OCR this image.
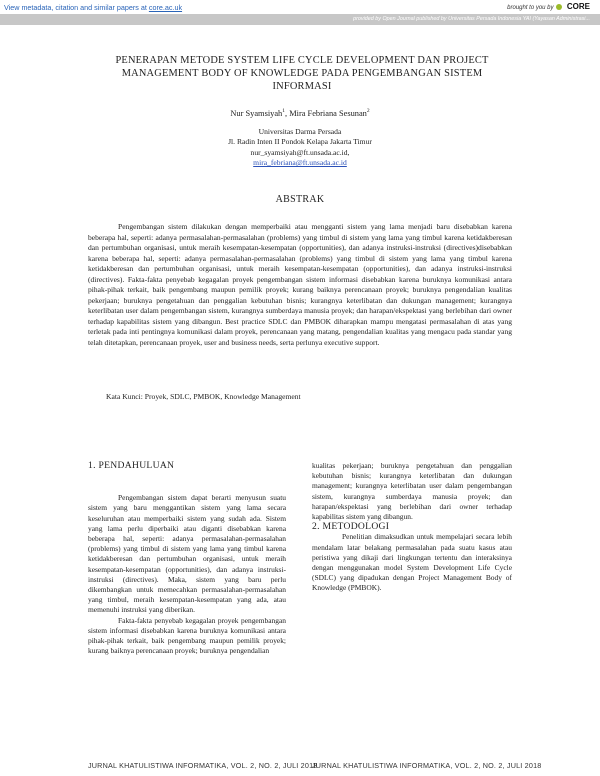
View metadata, citation and similar papers at core.ac.uk	brought to you by CORE
provided by Open Journal published by Universitas Persada Indonesia YAI (Yayasan Administrasi...
PENERAPAN METODE SYSTEM LIFE CYCLE DEVELOPMENT DAN PROJECT MANAGEMENT BODY OF KNOWLEDGE PADA PENGEMBANGAN SISTEM INFORMASI
Nur Syamsiyah$^1$, Mira Febriana Sesunan$^2$
Universitas Darma Persada
Jl. Radin Inten II Pondok Kelapa Jakarta Timur
nur_syamsiyah@ft.unsada.ac.id,
mira_febriana@ft.unsada.ac.id
ABSTRAK

Pengembangan sistem dilakukan dengan memperbaiki atau mengganti sistem yang lama menjadi baru disebabkan karena beberapa hal, seperti: adanya permasalahan-permasalahan (problems) yang timbul di sistem yang lama yang timbul karena ketidakberesan dan pertumbuhan organisasi, untuk meraih kesempatan-kesempatan (opportunities), dan adanya instruksi-instruksi (directives)disebabkan karena beberapa hal, seperti: adanya permasalahan-permasalahan (problems) yang timbul di sistem yang lama yang timbul karena ketidakberesan dan pertumbuhan organisasi, untuk meraih kesempatan-kesempatan (opportunities), dan adanya instruksi-instruksi (directives). Fakta-fakta penyebab kegagalan proyek pengembangan sistem informasi disebabkan karena buruknya komunikasi antara pihak-pihak terkait, baik pengembang maupun pemilik proyek; kurang baiknya perencanaan proyek; buruknya pengendalian kualitas pekerjaan; buruknya pengetahuan dan penggalian kebutuhan bisnis; kurangnya keterlibatan dan dukungan management; kurangnya keterlibatan user dalam pengembangan sistem, kurangnya sumberdaya manusia proyek; dan harapan/ekspektasi yang berlebihan dari owner terhadap kapabilitas sistem yang dibangun. Best practice SDLC dan PMBOK diharapkan mampu mengatasi permasalahan di atas yang terletak pada inti pentingnya komunikasi dalam proyek, perencanaan yang matang, pengendalian kualitas yang mengacu pada standar yang telah ditetapkan, perencanaan proyek, user and business needs, serta perlunya executive support.

Kata Kunci: Proyek, SDLC, PMBOK, Knowledge Management

1. PENDAHULUAN

Pengembangan sistem dapat berarti menyusun suatu sistem yang baru menggantikan sistem yang lama secara keseluruhan atau memperbaiki sistem yang sudah ada. Sistem yang lama perlu diperbaiki atau diganti disebabkan karena beberapa hal, seperti: adanya permasalahan-permasalahan (problems) yang timbul di sistem yang lama yang timbul karena ketidakberesan dan pertumbuhan organisasi, untuk meraih kesempatan-kesempatan (opportunities), dan adanya instruksi-instruksi (directives). Maka, sistem yang baru perlu dikembangkan untuk memecahkan permasalahan-permasalahan yang timbul, meraih kesempatan-kesempatan yang ada, atau memenuhi instruksi yang diberikan.

Fakta-fakta penyebab kegagalan proyek pengembangan sistem informasi disebabkan karena buruknya komunikasi antara pihak-pihak terkait, baik pengembang maupun pemilik proyek; kurang baiknya perencanaan proyek; buruknya pengendalian

kualitas pekerjaan; buruknya pengetahuan dan penggalian kebutuhan bisnis; kurangnya keterlibatan dan dukungan management; kurangnya keterlibatan user dalam pengembangan sistem, kurangnya sumberdaya manusia proyek; dan harapan/ekspektasi yang berlebihan dari owner terhadap kapabilitas sistem yang dibangun.

2. METODOLOGI

Penelitian dimaksudkan untuk mempelajari secara lebih mendalam latar belakang permasalahan pada suatu kasus atau peristiwa yang dikaji dari lingkungan tertentu dan interaksinya dengan menggunakan model System Development Life Cycle (SDLC) yang dipadukan dengan Project Management Body of Knowledge (PMBOK).

JURNAL KHATULISTIWA INFORMATIKA, VOL. 2, NO. 2, JULI 2018
JURNAL KHATULISTIWA INFORMATIKA, VOL. 2, NO. 2, JULI 2018
